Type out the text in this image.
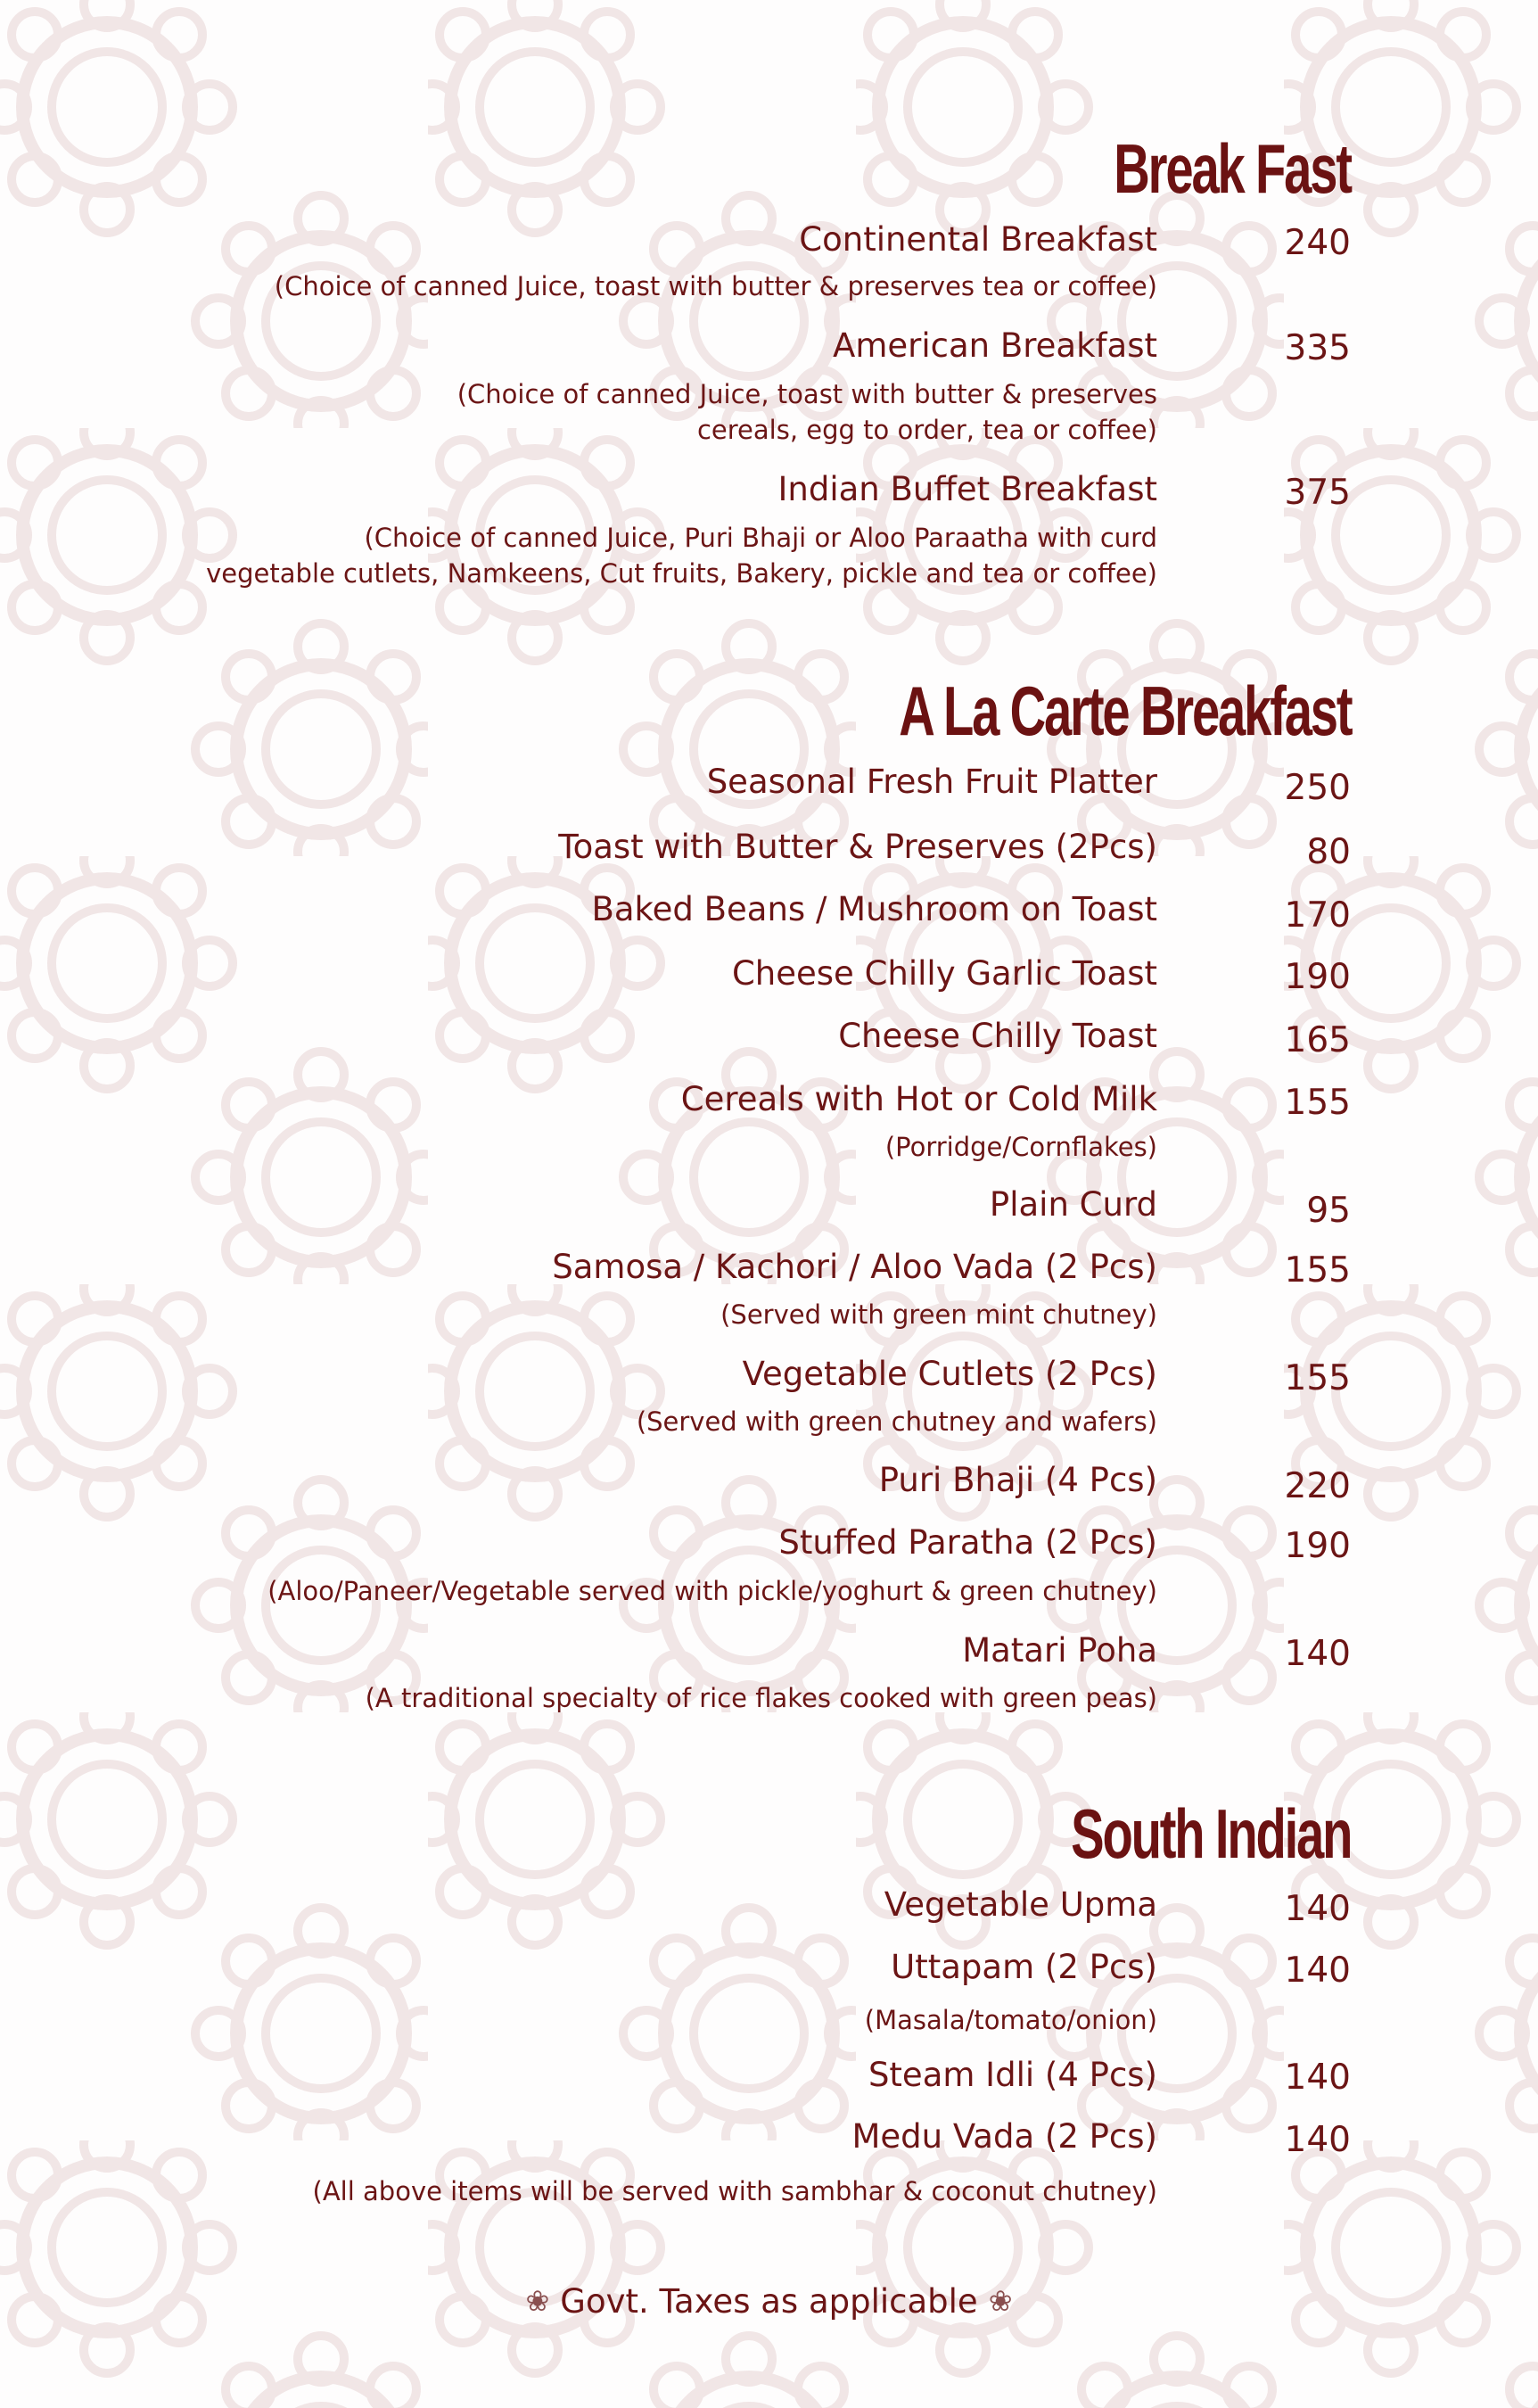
Break Fast
Continental Breakfast	240
(Choice of canned Juice, toast with butter & preserves tea or coffee)
American Breakfast	335
(Choice of canned Juice, toast with butter & preserves
cereals, egg to order, tea or coffee)
Indian Buffet Breakfast	375
(Choice of canned Juice, Puri Bhaji or Aloo Paraatha with curd
vegetable cutlets, Namkeens, Cut fruits, Bakery, pickle and tea or coffee)
A La Carte Breakfast
Seasonal Fresh Fruit Platter	250
Toast with Butter & Preserves (2Pcs)	80
Baked Beans / Mushroom on Toast	170
Cheese Chilly Garlic Toast	190
Cheese Chilly Toast	165
Cereals with Hot or Cold Milk	155
(Porridge/Cornflakes)
Plain Curd	95
Samosa / Kachori / Aloo Vada (2 Pcs)	155
(Served with green mint chutney)
Vegetable Cutlets (2 Pcs)	155
(Served with green chutney and wafers)
Puri Bhaji (4 Pcs)	220
Stuffed Paratha (2 Pcs)	190
(Aloo/Paneer/Vegetable served with pickle/yoghurt & green chutney)
Matari Poha	140
(A traditional specialty of rice flakes cooked with green peas)
South Indian
Vegetable Upma	140
Uttapam (2 Pcs)	140
(Masala/tomato/onion)
Steam Idli (4 Pcs)	140
Medu Vada (2 Pcs)	140
(All above items will be served with sambhar & coconut chutney)
❀ Govt. Taxes as applicable ❀
